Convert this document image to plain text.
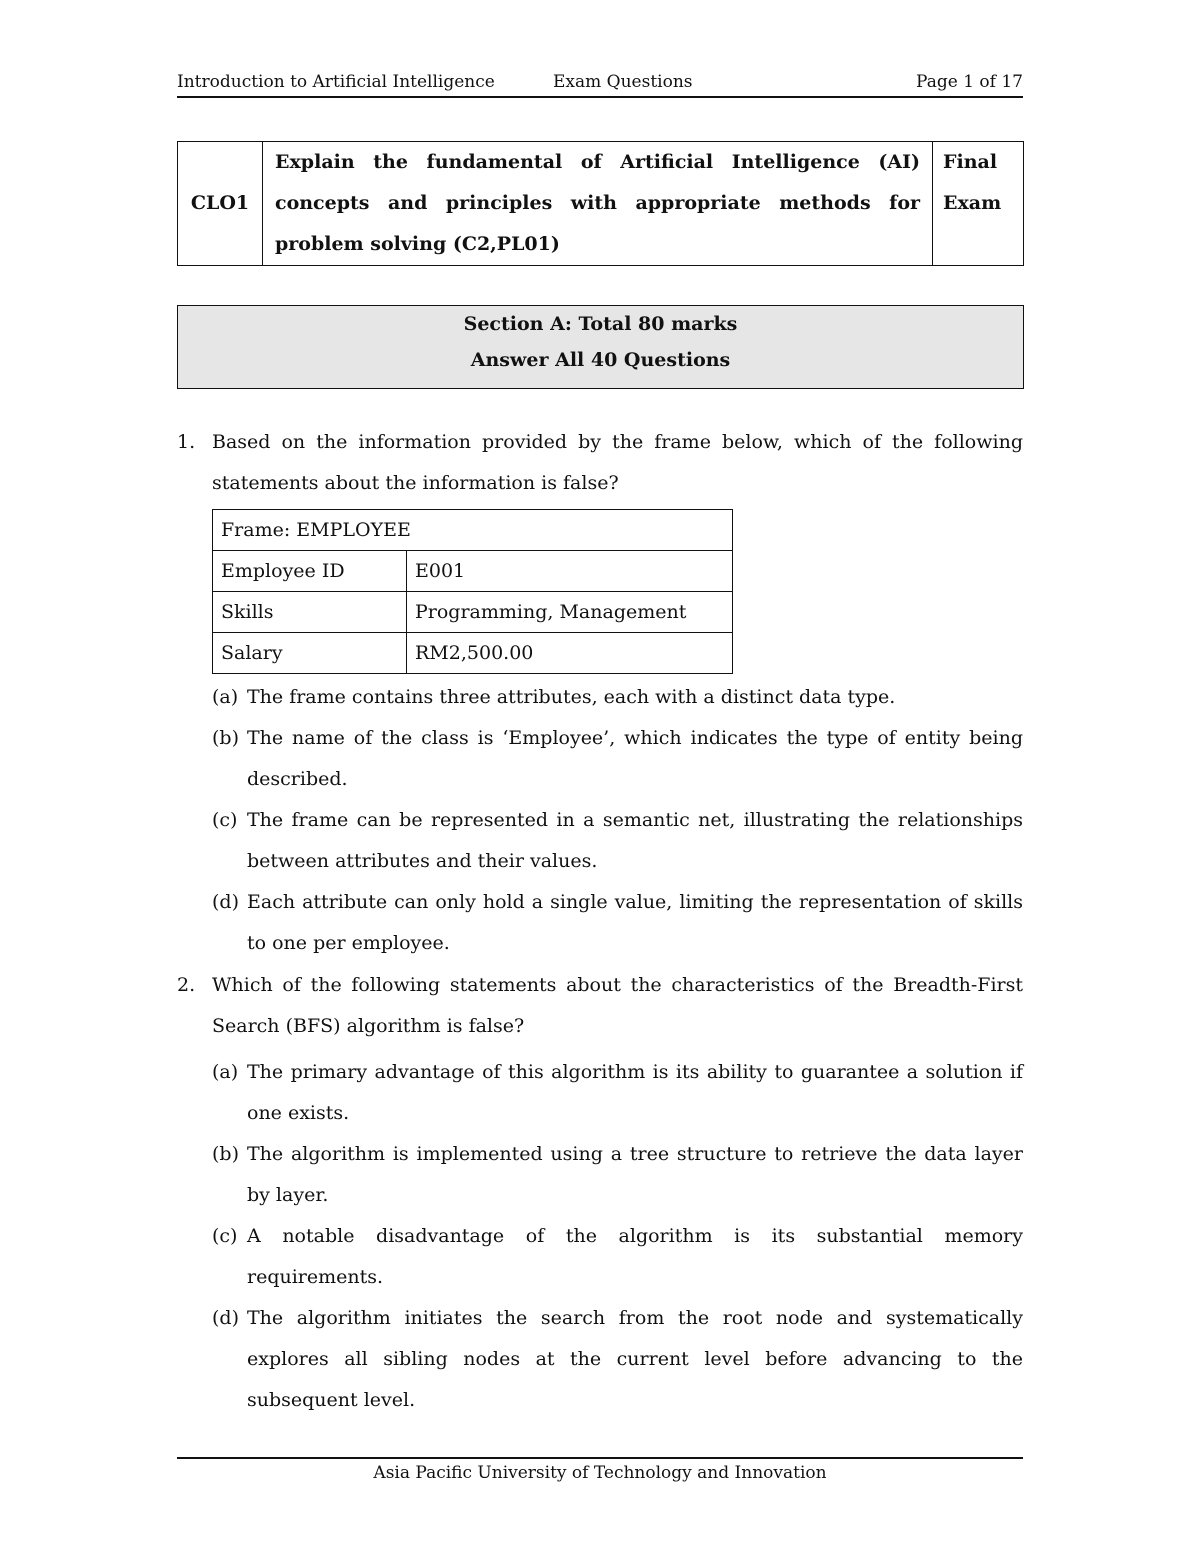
Introduction to Artificial Intelligence	Exam Questions	Page 1 of 17
CLO1	Explain the fundamental of Artificial Intelligence (AI) concepts and principles with appropriate methods for problem solving (C2,PL01)	Final Exam
Section A: Total 80 marks
Answer All 40 Questions
1. Based on the information provided by the frame below, which of the following statements about the information is false?
Frame: EMPLOYEE	
Employee ID	E001
Skills	Programming, Management
Salary	RM2,500.00
(a) The frame contains three attributes, each with a distinct data type.
(b) The name of the class is ‘Employee’, which indicates the type of entity being described.
(c) The frame can be represented in a semantic net, illustrating the relationships between attributes and their values.
(d) Each attribute can only hold a single value, limiting the representation of skills to one per employee.
2. Which of the following statements about the characteristics of the Breadth-First Search (BFS) algorithm is false?
(a) The primary advantage of this algorithm is its ability to guarantee a solution if one exists.
(b) The algorithm is implemented using a tree structure to retrieve the data layer by layer.
(c) A notable disadvantage of the algorithm is its substantial memory requirements.
(d) The algorithm initiates the search from the root node and systematically explores all sibling nodes at the current level before advancing to the subsequent level.
Asia Pacific University of Technology and Innovation
